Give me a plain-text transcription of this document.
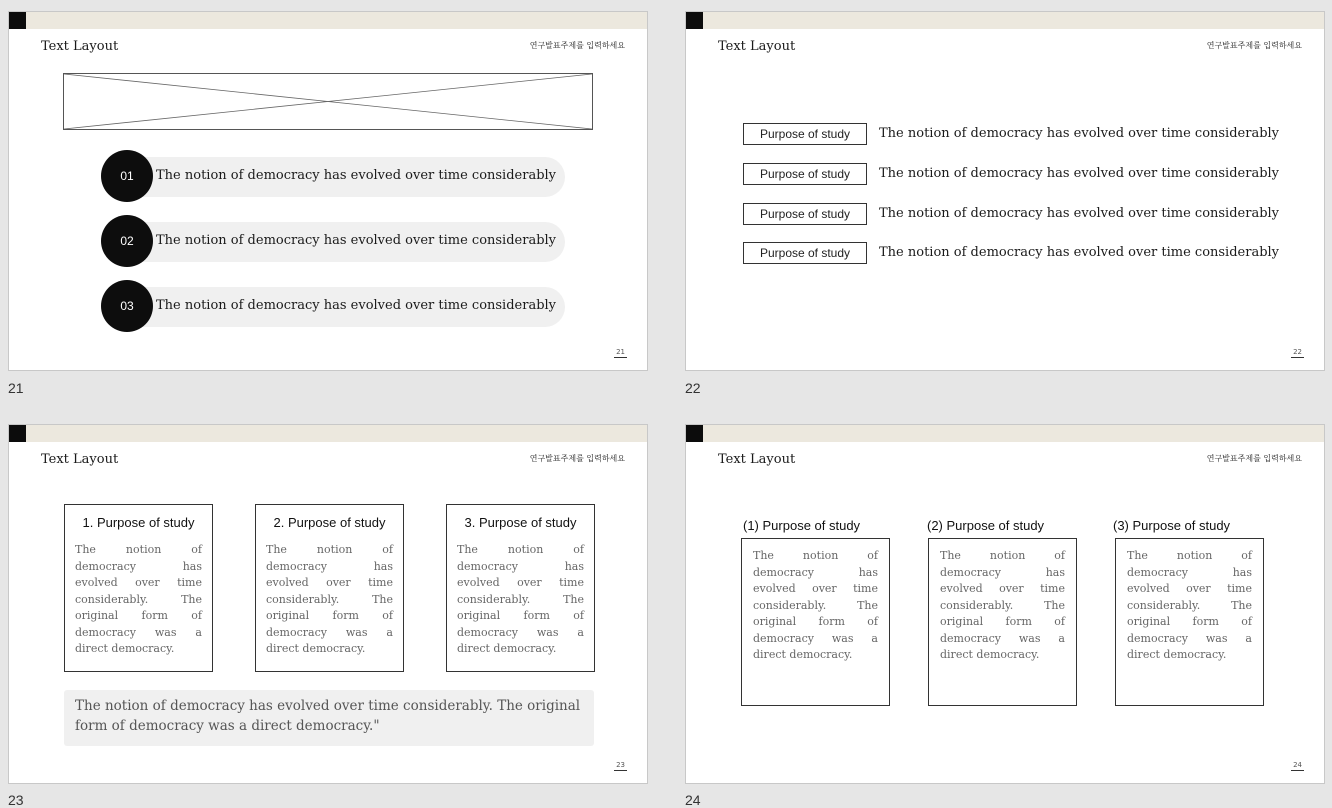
Text Layout	연구발표주제를 입력하세요
01	The notion of democracy has evolved over time considerably
02	The notion of democracy has evolved over time considerably
03	The notion of democracy has evolved over time considerably
21
21
Text Layout	연구발표주제를 입력하세요
Purpose of study	The notion of democracy has evolved over time considerably
Purpose of study	The notion of democracy has evolved over time considerably
Purpose of study	The notion of democracy has evolved over time considerably
Purpose of study	The notion of democracy has evolved over time considerably
22
22
Text Layout	연구발표주제를 입력하세요
1. Purpose of study
The notion of democracy has evolved over time considerably. The original form of democracy was a direct democracy.
2. Purpose of study
The notion of democracy has evolved over time considerably. The original form of democracy was a direct democracy.
3. Purpose of study
The notion of democracy has evolved over time considerably. The original form of democracy was a direct democracy.
The notion of democracy has evolved over time considerably. The original form of democracy was a direct democracy."
23
23
Text Layout	연구발표주제를 입력하세요
(1) Purpose of study	(2) Purpose of study	(3) Purpose of study
The notion of democracy has evolved over time considerably. The original form of democracy was a direct democracy.
The notion of democracy has evolved over time considerably. The original form of democracy was a direct democracy.
The notion of democracy has evolved over time considerably. The original form of democracy was a direct democracy.
24
24
